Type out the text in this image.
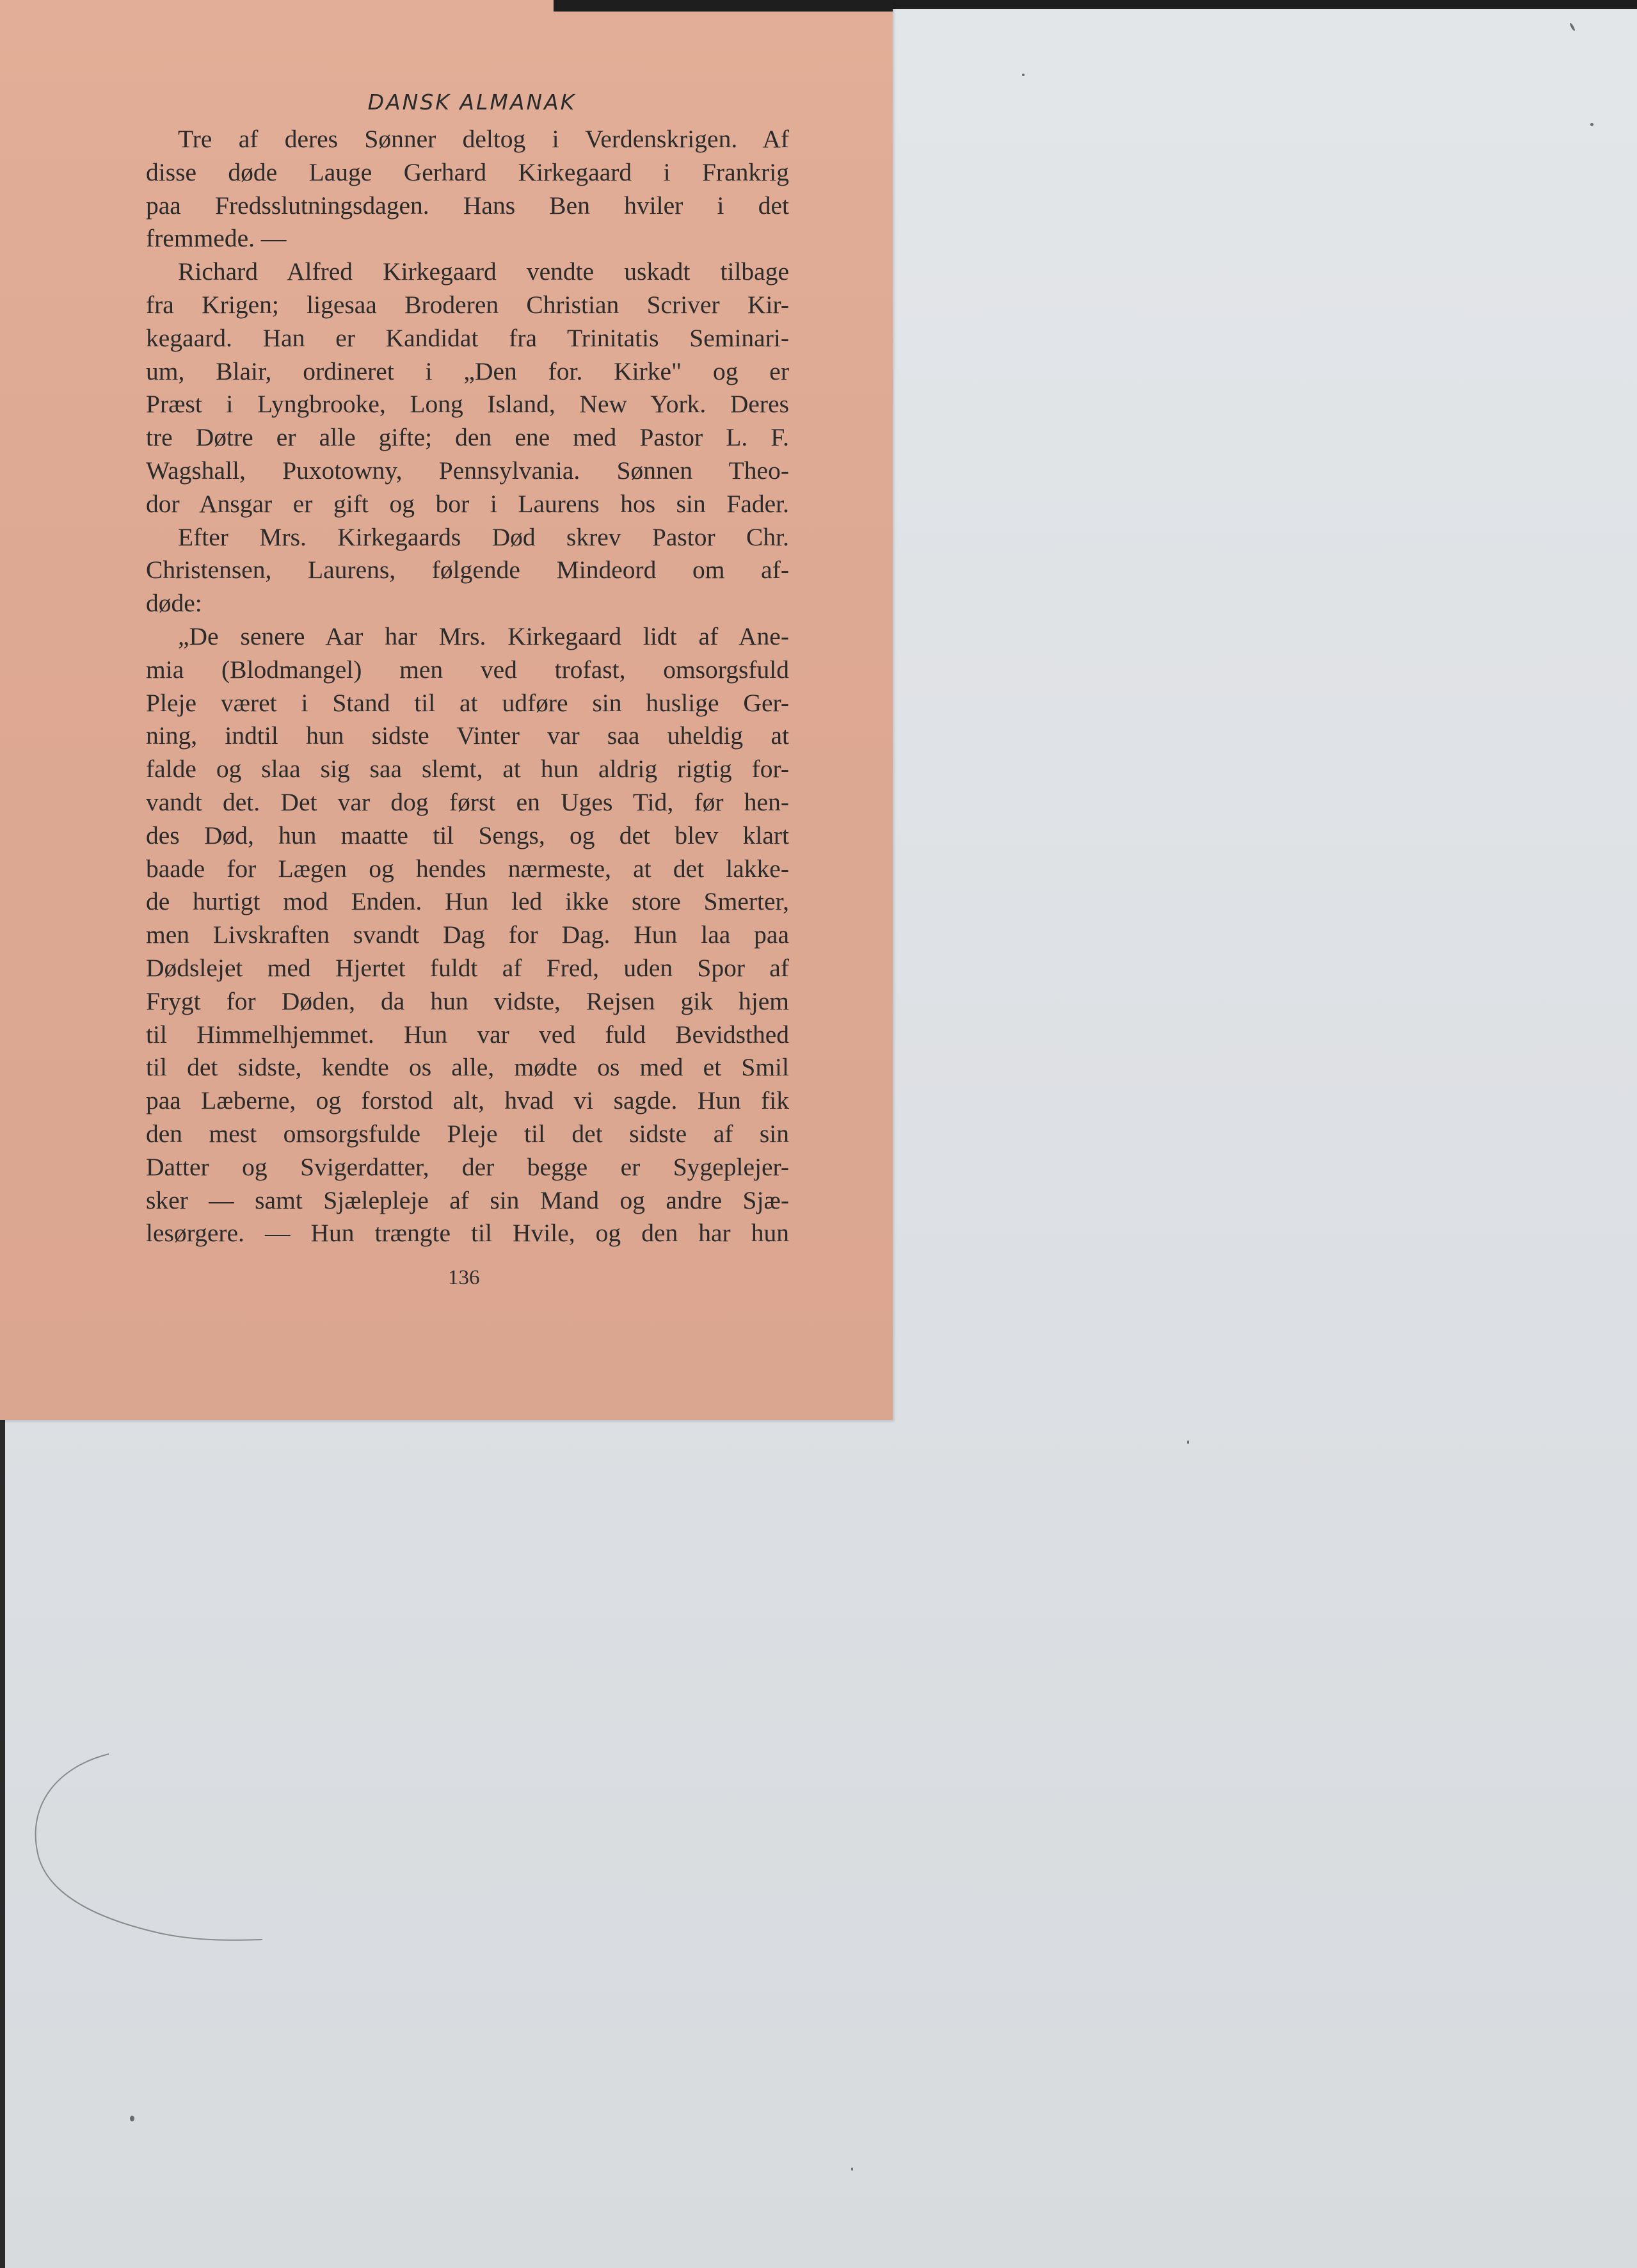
DANSK ALMANAK
Tre af deres Sønner deltog i Verdenskrigen. Af
disse døde Lauge Gerhard Kirkegaard i Frankrig
paa Fredsslutningsdagen. Hans Ben hviler i det
fremmede. —
Richard Alfred Kirkegaard vendte uskadt tilbage
fra Krigen; ligesaa Broderen Christian Scriver Kir-
kegaard. Han er Kandidat fra Trinitatis Seminari-
um, Blair, ordineret i „Den for. Kirke" og er
Præst i Lyngbrooke, Long Island, New York. Deres
tre Døtre er alle gifte; den ene med Pastor L. F.
Wagshall, Puxotowny, Pennsylvania. Sønnen Theo-
dor Ansgar er gift og bor i Laurens hos sin Fader.
Efter Mrs. Kirkegaards Død skrev Pastor Chr.
Christensen, Laurens, følgende Mindeord om af-
døde:
„De senere Aar har Mrs. Kirkegaard lidt af Ane-
mia (Blodmangel) men ved trofast, omsorgsfuld
Pleje været i Stand til at udføre sin huslige Ger-
ning, indtil hun sidste Vinter var saa uheldig at
falde og slaa sig saa slemt, at hun aldrig rigtig for-
vandt det. Det var dog først en Uges Tid, før hen-
des Død, hun maatte til Sengs, og det blev klart
baade for Lægen og hendes nærmeste, at det lakke-
de hurtigt mod Enden. Hun led ikke store Smerter,
men Livskraften svandt Dag for Dag. Hun laa paa
Dødslejet med Hjertet fuldt af Fred, uden Spor af
Frygt for Døden, da hun vidste, Rejsen gik hjem
til Himmelhjemmet. Hun var ved fuld Bevidsthed
til det sidste, kendte os alle, mødte os med et Smil
paa Læberne, og forstod alt, hvad vi sagde. Hun fik
den mest omsorgsfulde Pleje til det sidste af sin
Datter og Svigerdatter, der begge er Sygeplejer-
sker — samt Sjælepleje af sin Mand og andre Sjæ-
lesørgere. — Hun trængte til Hvile, og den har hun
136
